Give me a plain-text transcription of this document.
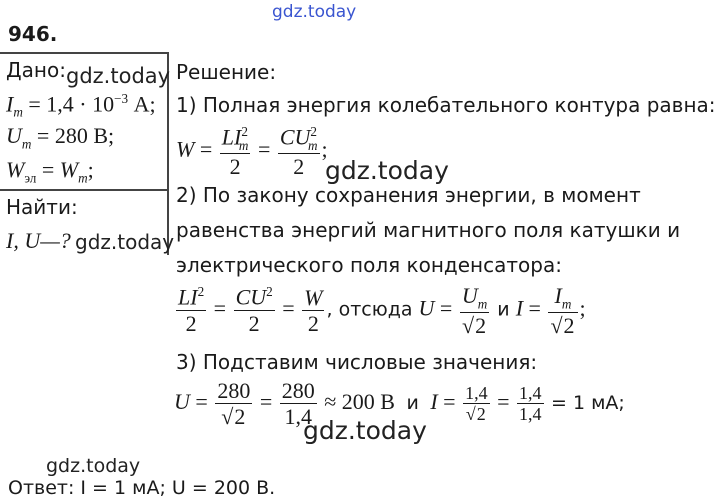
gdz.today
946.
Дано: gdz.today
$I_m = 1,4 \cdot 10^{-3}$ А;
$U_m = 280$ В;
$W_{эл} = W_m$;
Найти:
I, U—? gdz.today
Решение:
1) Полная энергия колебательного контура равна:
$W = \frac{LI^2_m}{2} = \frac{CU^2_m}{2}$ ;
gdz.today
2) По закону сохранения энергии, в момент
равенства энергий магнитного поля катушки и
электрического поля конденсатора:
$\frac{LI^2}{2} = \frac{CU^2}{2} = \frac{W}{2}$ , отсюда $U = \frac{U_m}{√2}$ и $I = \frac{I_m}{√2}$ ;
3) Подставим числовые значения:
$U = \frac{280}{√2} = \frac{280}{1,4} \approx 200$ В и $I = \frac{1,4}{√2} = \frac{1,4}{1,4} = 1$ мА;
gdz.today
gdz.today
Ответ: I = 1 мА; U = 200 В.
